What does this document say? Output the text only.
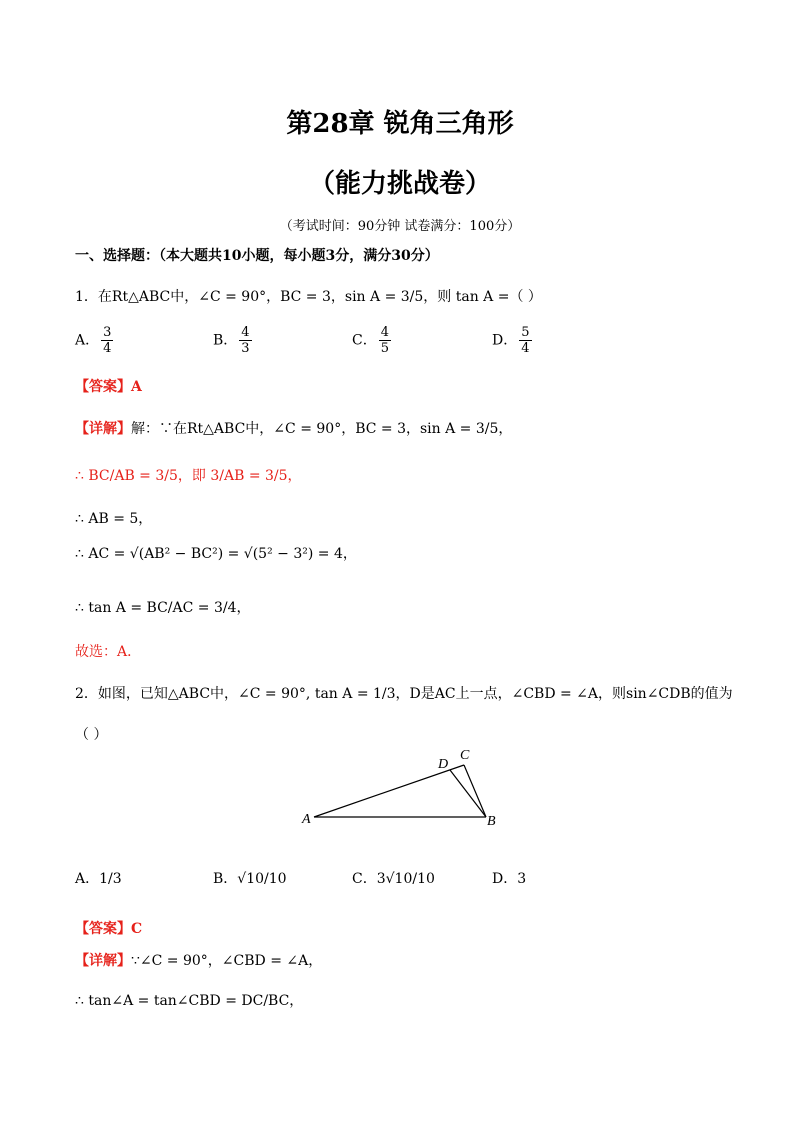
第28章 锐角三角形
（能力挑战卷）
（考试时间：90分钟 试卷满分：100分）
一、选择题：（本大题共10小题，每小题3分，满分30分）
1．在Rt△ABC中，∠C = 90°，BC = 3，sin A = 3/5，则 tan A =（ ）
A． $\frac{3}{4}$	B． $\frac{4}{3}$	C． $\frac{4}{5}$	D． $\frac{5}{4}$
【答案】A
【详解】解：∵在Rt△ABC中，∠C = 90°，BC = 3，sin A = 3/5，
∴ BC/AB = 3/5，即 3/AB = 3/5，
∴ AB = 5，
∴ AC = √(AB² − BC²) = √(5² − 3²) = 4，
∴ tan A = BC/AC = 3/4，
故选：A．
2．如图，已知△ABC中，∠C = 90°, tan A = 1/3，D是AC上一点，∠CBD = ∠A，则sin∠CDB的值为
（ ）
A	B
C
D
A．1/3	B．√10/10	C．3√10/10	D．3
【答案】C
【详解】∵∠C = 90°，∠CBD = ∠A，
∴ tan∠A = tan∠CBD = DC/BC，
